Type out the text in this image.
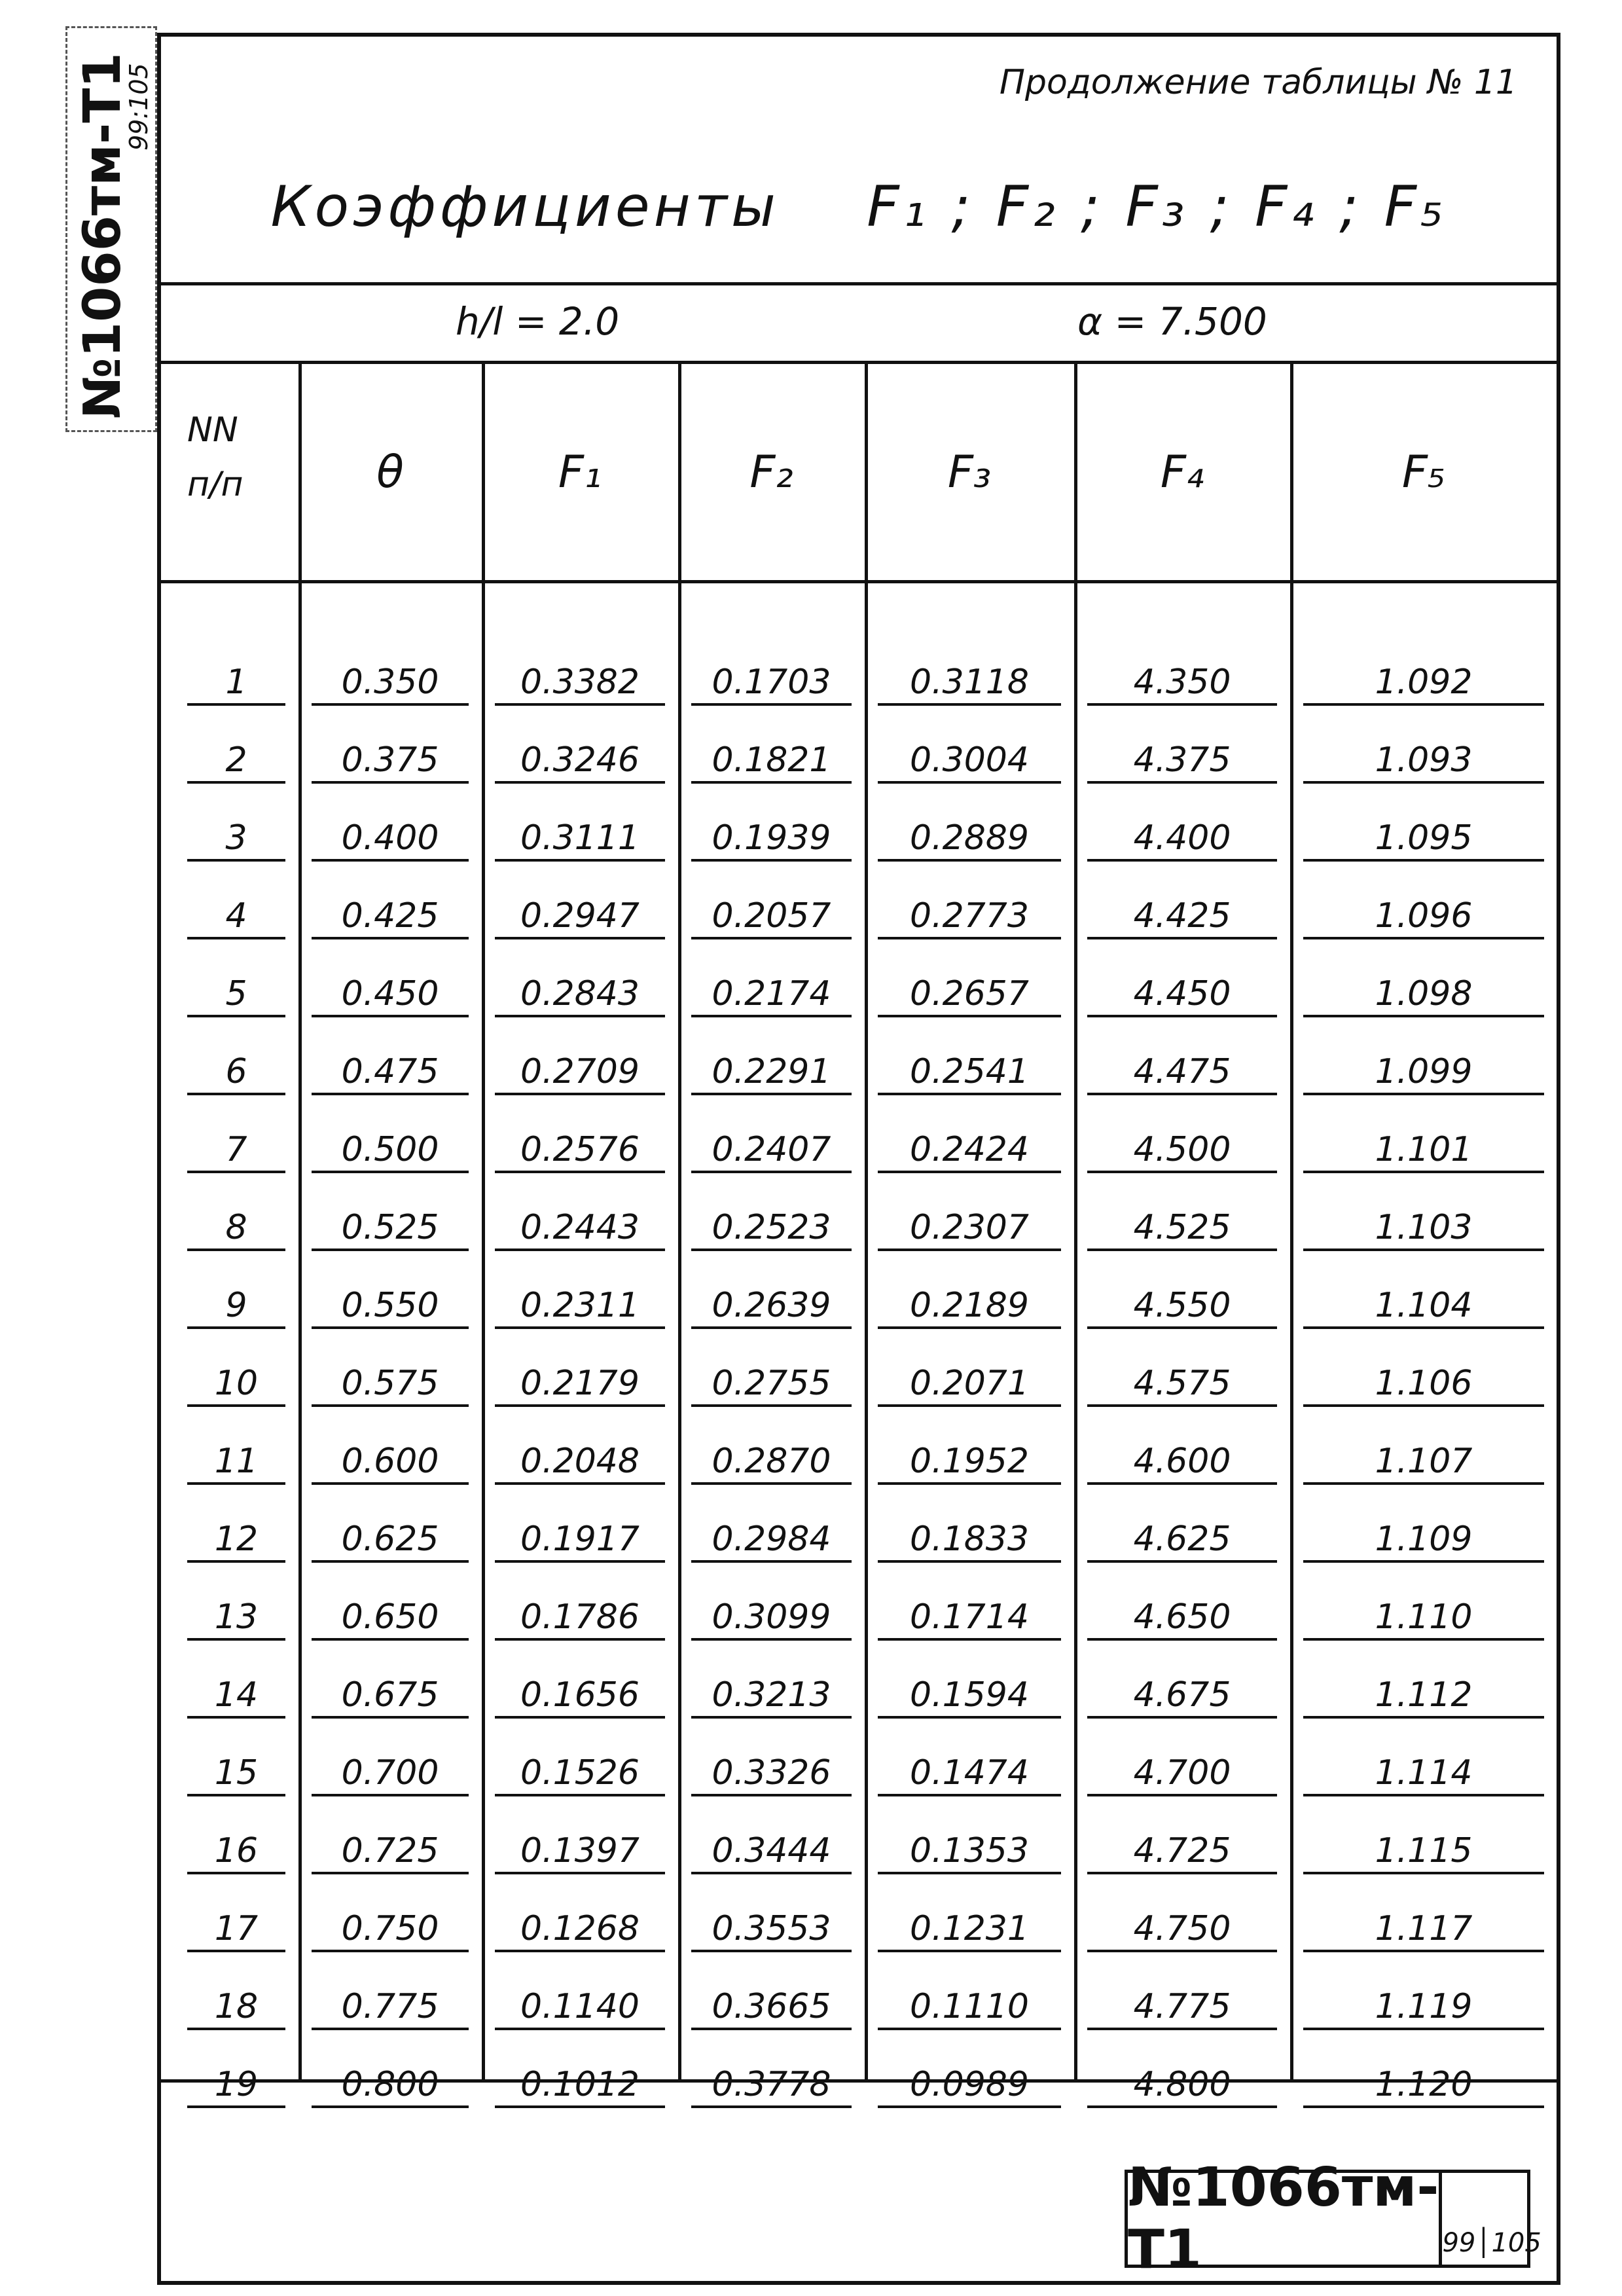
№1066тм-Т1
99:105	Продолжение таблицы № 11
Коэффициенты F₁ ; F₂ ; F₃ ; F₄ ; F₅
h/l = 2.0	α = 7.500
NN
п/п	θ	F₁	F₂	F₃	F₄	F₅
1	0.350	0.3382	0.1703	0.3118	4.350	1.092
2	0.375	0.3246	0.1821	0.3004	4.375	1.093
3	0.400	0.3111	0.1939	0.2889	4.400	1.095
4	0.425	0.2947	0.2057	0.2773	4.425	1.096
5	0.450	0.2843	0.2174	0.2657	4.450	1.098
6	0.475	0.2709	0.2291	0.2541	4.475	1.099
7	0.500	0.2576	0.2407	0.2424	4.500	1.101
8	0.525	0.2443	0.2523	0.2307	4.525	1.103
9	0.550	0.2311	0.2639	0.2189	4.550	1.104
10	0.575	0.2179	0.2755	0.2071	4.575	1.106
11	0.600	0.2048	0.2870	0.1952	4.600	1.107
12	0.625	0.1917	0.2984	0.1833	4.625	1.109
13	0.650	0.1786	0.3099	0.1714	4.650	1.110
14	0.675	0.1656	0.3213	0.1594	4.675	1.112
15	0.700	0.1526	0.3326	0.1474	4.700	1.114
16	0.725	0.1397	0.3444	0.1353	4.725	1.115
17	0.750	0.1268	0.3553	0.1231	4.750	1.117
18	0.775	0.1140	0.3665	0.1110	4.775	1.119
19	0.800	0.1012	0.3778	0.0989	4.800	1.120
№1066тм-Т1	99 │ 105
